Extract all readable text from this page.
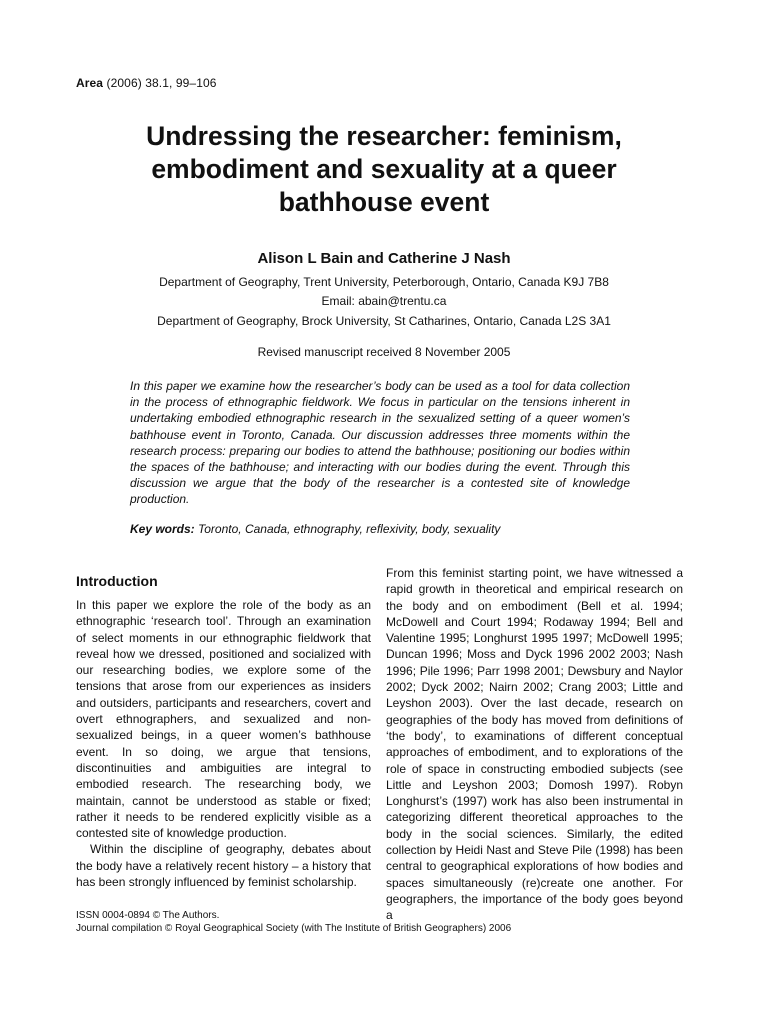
Area (2006) 38.1, 99–106
Undressing the researcher: feminism, embodiment and sexuality at a queer bathhouse event
Alison L Bain and Catherine J Nash
Department of Geography, Trent University, Peterborough, Ontario, Canada K9J 7B8
Email: abain@trentu.ca
Department of Geography, Brock University, St Catharines, Ontario, Canada L2S 3A1
Revised manuscript received 8 November 2005

In this paper we examine how the researcher’s body can be used as a tool for data collection in the process of ethnographic fieldwork. We focus in particular on the tensions inherent in undertaking embodied ethnographic research in the sexualized setting of a queer women’s bathhouse event in Toronto, Canada. Our discussion addresses three moments within the research process: preparing our bodies to attend the bathhouse; positioning our bodies within the spaces of the bathhouse; and interacting with our bodies during the event. Through this discussion we argue that the body of the researcher is a contested site of knowledge production.

Key words: Toronto, Canada, ethnography, reflexivity, body, sexuality
Introduction

In this paper we explore the role of the body as an ethnographic ‘research tool’. Through an examination of select moments in our ethnographic fieldwork that reveal how we dressed, positioned and socialized with our researching bodies, we explore some of the tensions that arose from our experiences as insiders and outsiders, participants and researchers, covert and overt ethnographers, and sexualized and non-sexualized beings, in a queer women’s bathhouse event. In so doing, we argue that tensions, discontinuities and ambiguities are integral to embodied research. The researching body, we maintain, cannot be understood as stable or fixed; rather it needs to be rendered explicitly visible as a contested site of knowledge production.

Within the discipline of geography, debates about the body have a relatively recent history – a history that has been strongly influenced by feminist scholarship.

From this feminist starting point, we have witnessed a rapid growth in theoretical and empirical research on the body and on embodiment (Bell et al. 1994; McDowell and Court 1994; Rodaway 1994; Bell and Valentine 1995; Longhurst 1995 1997; McDowell 1995; Duncan 1996; Moss and Dyck 1996 2002 2003; Nash 1996; Pile 1996; Parr 1998 2001; Dewsbury and Naylor 2002; Dyck 2002; Nairn 2002; Crang 2003; Little and Leyshon 2003). Over the last decade, research on geographies of the body has moved from definitions of ‘the body’, to examinations of different conceptual approaches of embodiment, and to explorations of the role of space in constructing embodied subjects (see Little and Leyshon 2003; Domosh 1997). Robyn Longhurst’s (1997) work has also been instrumental in categorizing different theoretical approaches to the body in the social sciences. Similarly, the edited collection by Heidi Nast and Steve Pile (1998) has been central to geographical explorations of how bodies and spaces simultaneously (re)create one another. For geographers, the importance of the body goes beyond a

ISSN 0004-0894 © The Authors.
Journal compilation © Royal Geographical Society (with The Institute of British Geographers) 2006
